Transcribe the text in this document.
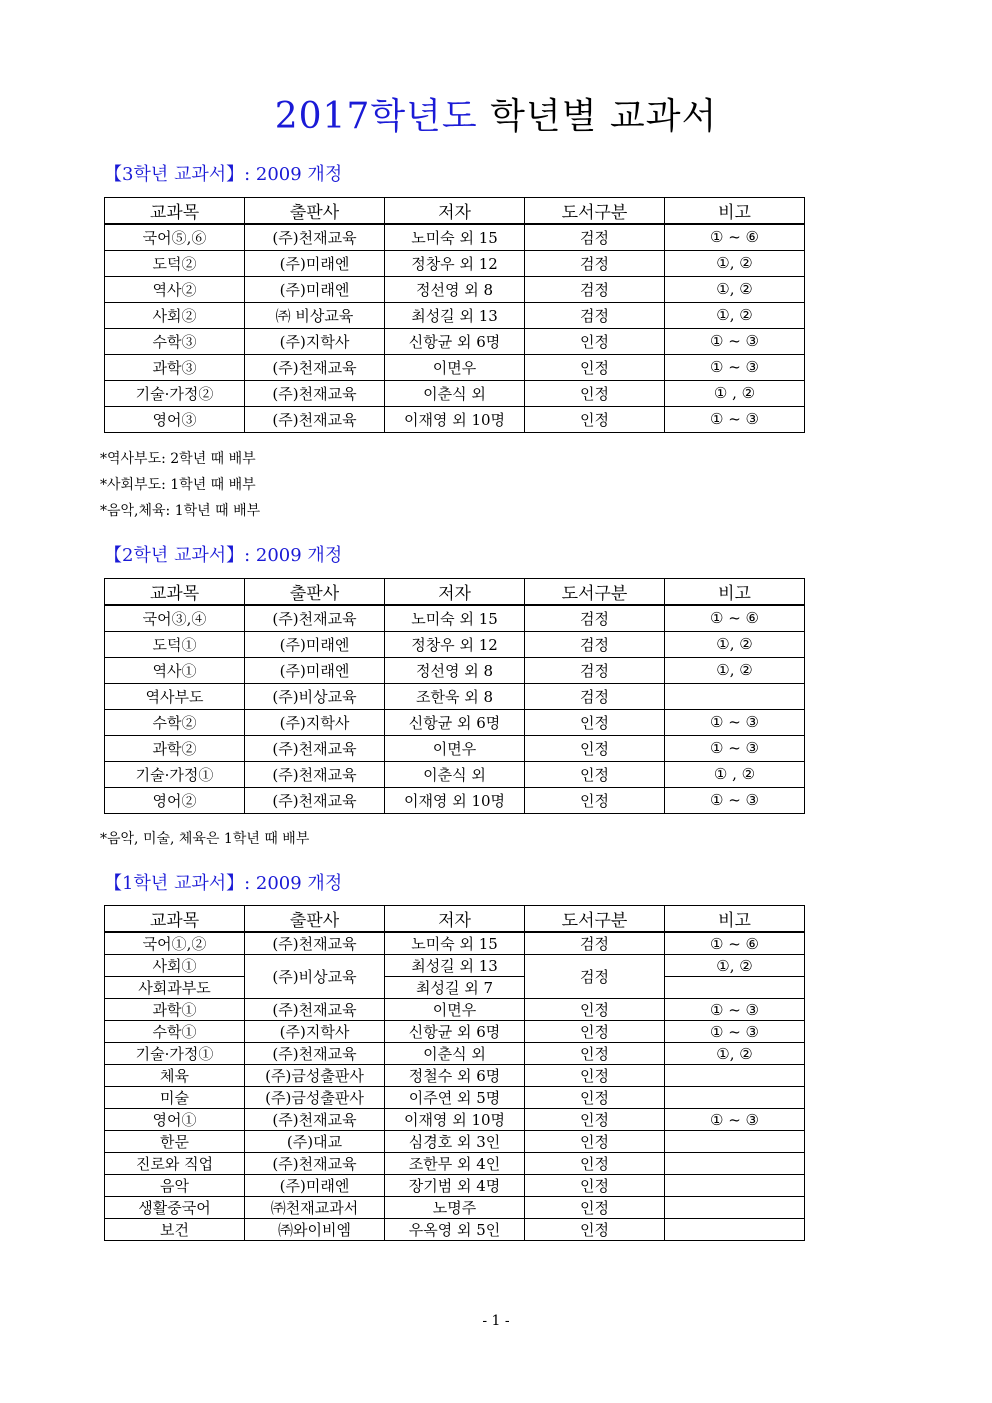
2017학년도 학년별 교과서
【3학년 교과서】: 2009 개정
교과목	출판사	저자	도서구분	비고
국어⑤,⑥	(주)천재교육	노미숙 외 15	검정	① ~ ⑥
도덕②	(주)미래엔	정창우 외 12	검정	①, ②
역사②	(주)미래엔	정선영 외 8	검정	①, ②
사회②	㈜ 비상교육	최성길 외 13	검정	①, ②
수학③	(주)지학사	신항균 외 6명	인정	① ~ ③
과학③	(주)천재교육	이면우	인정	① ~ ③
기술·가정②	(주)천재교육	이춘식 외	인정	① , ②
영어③	(주)천재교육	이재영 외 10명	인정	① ~ ③
*역사부도: 2학년 때 배부
*사회부도: 1학년 때 배부
*음악,체육: 1학년 때 배부
【2학년 교과서】: 2009 개정
교과목	출판사	저자	도서구분	비고
국어③,④	(주)천재교육	노미숙 외 15	검정	① ~ ⑥
도덕①	(주)미래엔	정창우 외 12	검정	①, ②
역사①	(주)미래엔	정선영 외 8	검정	①, ②
역사부도	(주)비상교육	조한욱 외 8	검정	
수학②	(주)지학사	신항균 외 6명	인정	① ~ ③
과학②	(주)천재교육	이면우	인정	① ~ ③
기술·가정①	(주)천재교육	이춘식 외	인정	① , ②
영어②	(주)천재교육	이재영 외 10명	인정	① ~ ③
*음악, 미술, 체육은 1학년 때 배부
【1학년 교과서】: 2009 개정
교과목	출판사	저자	도서구분	비고
국어①,②	(주)천재교육	노미숙 외 15	검정	① ~ ⑥
사회①	(주)비상교육	최성길 외 13	검정	①, ②
사회과부도		최성길 외 7		
과학①	(주)천재교육	이면우	인정	① ~ ③
수학①	(주)지학사	신항균 외 6명	인정	① ~ ③
기술·가정①	(주)천재교육	이춘식 외	인정	①, ②
체육	(주)금성출판사	정철수 외 6명	인정	
미술	(주)금성출판사	이주연 외 5명	인정	
영어①	(주)천재교육	이재영 외 10명	인정	① ~ ③
한문	(주)대교	심경호 외 3인	인정	
진로와 직업	(주)천재교육	조한무 외 4인	인정	
음악	(주)미래엔	장기범 외 4명	인정	
생활중국어	㈜천재교과서	노명주	인정	
보건	㈜와이비엠	우옥영 외 5인	인정	
- 1 -
